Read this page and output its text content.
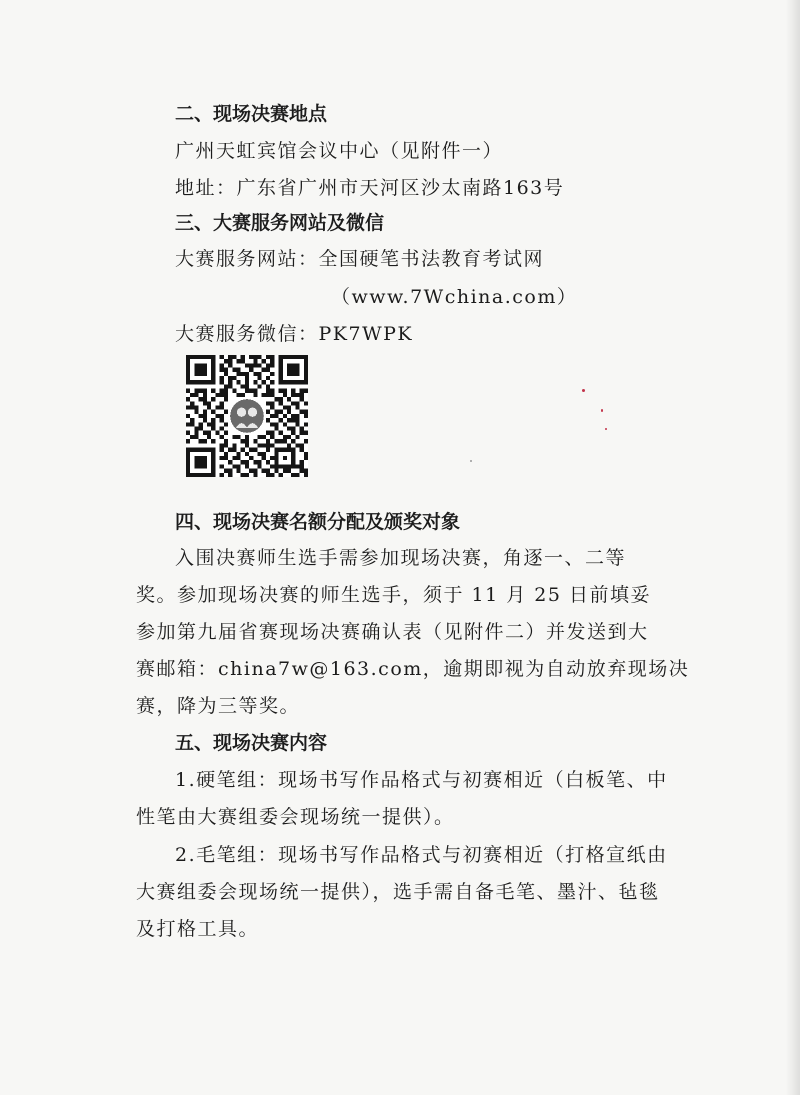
二、现场决赛地点
广州天虹宾馆会议中心（见附件一）
地址：广东省广州市天河区沙太南路163号
三、大赛服务网站及微信
大赛服务网站：全国硬笔书法教育考试网
（www.7Wchina.com）
大赛服务微信：PK7WPK
四、现场决赛名额分配及颁奖对象
入围决赛师生选手需参加现场决赛，角逐一、二等
奖。参加现场决赛的师生选手，须于 11 月 25 日前填妥
参加第九届省赛现场决赛确认表（见附件二）并发送到大
赛邮箱：china7w@163.com，逾期即视为自动放弃现场决
赛，降为三等奖。
五、现场决赛内容
1.硬笔组：现场书写作品格式与初赛相近（白板笔、中
性笔由大赛组委会现场统一提供）。
2.毛笔组：现场书写作品格式与初赛相近（打格宣纸由
大赛组委会现场统一提供），选手需自备毛笔、墨汁、毡毯
及打格工具。
